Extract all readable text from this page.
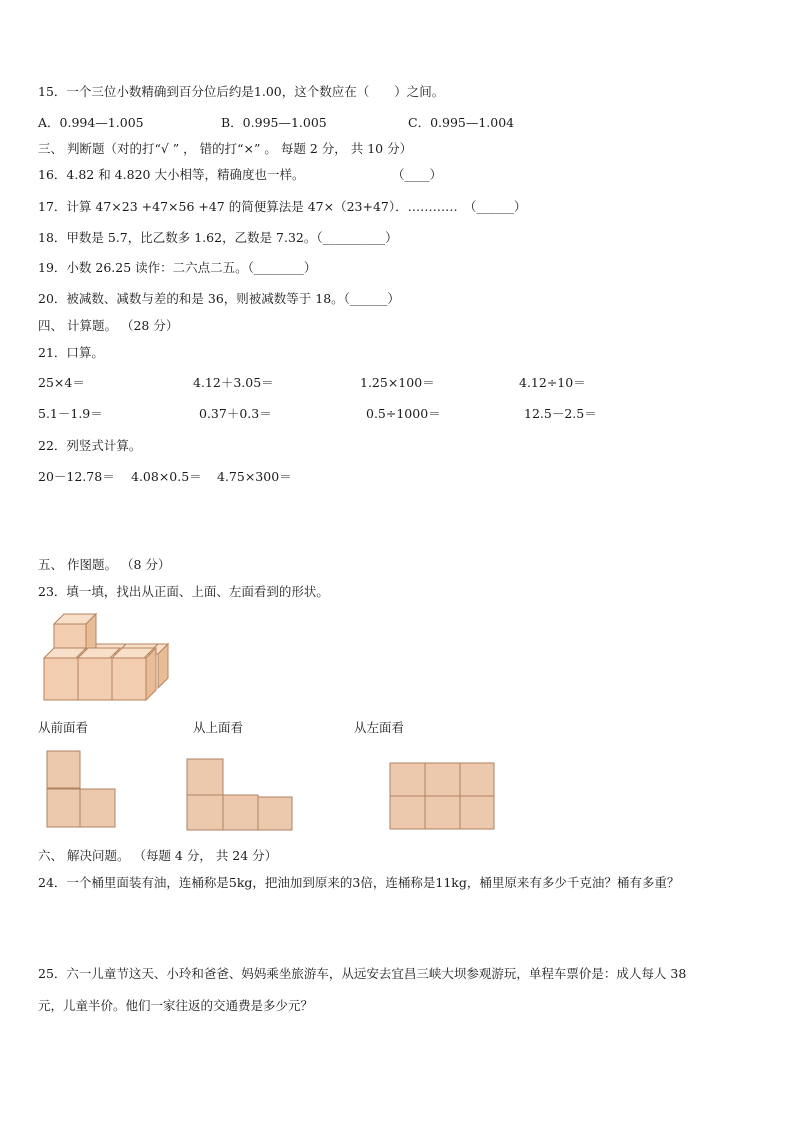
15．一个三位小数精确到百分位后约是1.00，这个数应在（　　）之间。
A．0.994—1.005	B．0.995—1.005	C．0.995—1.004
三、 判断题（对的打“√ ” ， 错的打“×” 。 每题 2 分， 共 10 分）
16．4.82 和 4.820 大小相等，精确度也一样。　　　　　　　　（____）
17．计算 47×23 +47×56 +47 的简便算法是 47×（23+47）．…………　（______）
18．甲数是 5.7，比乙数多 1.62，乙数是 7.32。（__________）
19．小数 26.25 读作：二六点二五。（________）
20．被减数、减数与差的和是 36，则被减数等于 18。（______）
四、 计算题。 （28 分）
21．口算。
25×4＝	4.12＋3.05＝	1.25×100＝	4.12÷10＝
5.1－1.9＝	0.37＋0.3＝	0.5÷1000＝	12.5－2.5＝
22．列竖式计算。
20－12.78＝ 4.08×0.5＝ 4.75×300＝
五、 作图题。 （8 分）
23．填一填，找出从正面、上面、左面看到的形状。
从前面看	从上面看	从左面看
六、 解决问题。 （每题 4 分， 共 24 分）
24．一个桶里面装有油，连桶称是5kg，把油加到原来的3倍，连桶称是11kg，桶里原来有多少千克油？桶有多重？
25．六一儿童节这天、小玲和爸爸、妈妈乘坐旅游车，从远安去宜昌三峡大坝参观游玩，单程车票价是：成人每人 38
元，儿童半价。他们一家往返的交通费是多少元？
